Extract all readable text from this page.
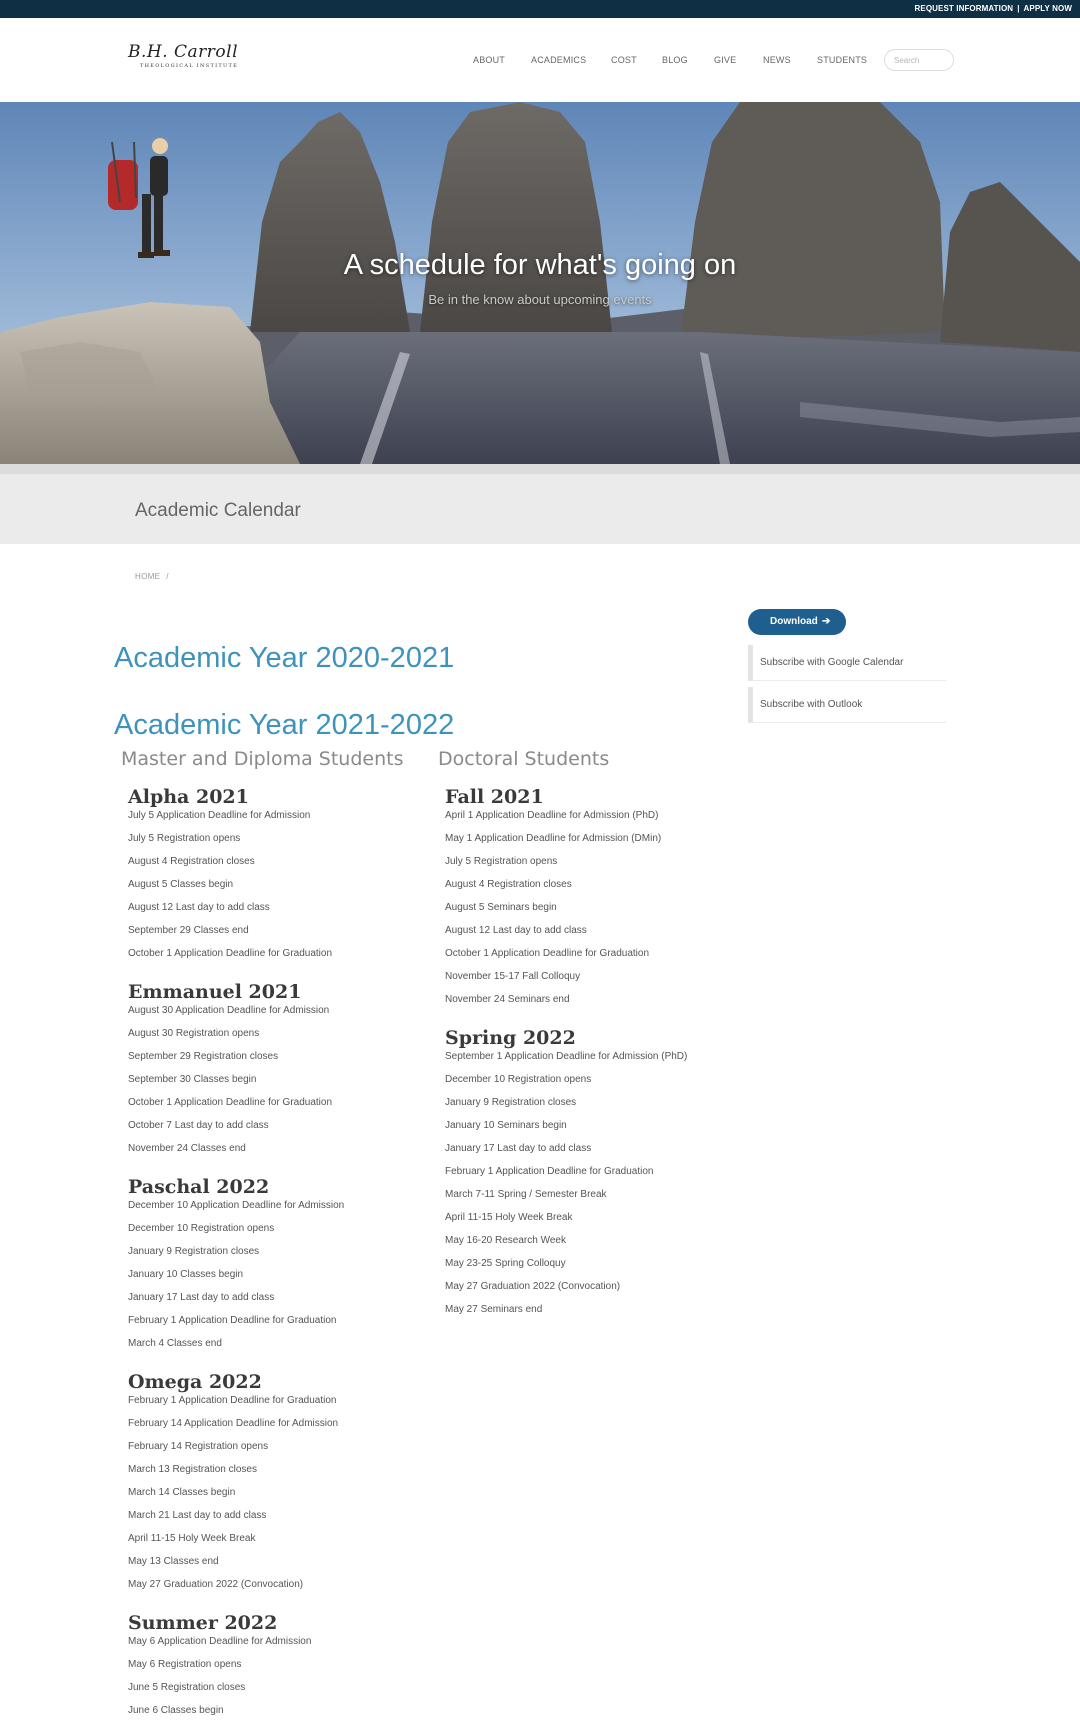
REQUEST INFORMATION | APPLY NOW
B.H. Carroll
THEOLOGICAL INSTITUTE
ABOUT	ACADEMICS	COST	BLOG	GIVE	NEWS	STUDENTS
Search
A schedule for what's going on
Be in the know about upcoming events
Academic Calendar
HOME /
Download ➔
Subscribe with Google Calendar
Subscribe with Outlook
Academic Year 2020-2021
Academic Year 2021-2022
Master and Diploma Students Doctoral Students
Alpha 2021
July 5 Application Deadline for Admission
July 5 Registration opens
August 4 Registration closes
August 5 Classes begin
August 12 Last day to add class
September 29 Classes end
October 1 Application Deadline for Graduation
Emmanuel 2021
August 30 Application Deadline for Admission
August 30 Registration opens
September 29 Registration closes
September 30 Classes begin
October 1 Application Deadline for Graduation
October 7 Last day to add class
November 24 Classes end
Paschal 2022
December 10 Application Deadline for Admission
December 10 Registration opens
January 9 Registration closes
January 10 Classes begin
January 17 Last day to add class
February 1 Application Deadline for Graduation
March 4 Classes end
Omega 2022
February 1 Application Deadline for Graduation
February 14 Application Deadline for Admission
February 14 Registration opens
March 13 Registration closes
March 14 Classes begin
March 21 Last day to add class
April 11-15 Holy Week Break
May 13 Classes end
May 27 Graduation 2022 (Convocation)
Summer 2022
May 6 Application Deadline for Admission
May 6 Registration opens
June 5 Registration closes
June 6 Classes begin
Fall 2021
April 1 Application Deadline for Admission (PhD)
May 1 Application Deadline for Admission (DMin)
July 5 Registration opens
August 4 Registration closes
August 5 Seminars begin
August 12 Last day to add class
October 1 Application Deadline for Graduation
November 15-17 Fall Colloquy
November 24 Seminars end
Spring 2022
September 1 Application Deadline for Admission (PhD)
December 10 Registration opens
January 9 Registration closes
January 10 Seminars begin
January 17 Last day to add class
February 1 Application Deadline for Graduation
March 7-11 Spring / Semester Break
April 11-15 Holy Week Break
May 16-20 Research Week
May 23-25 Spring Colloquy
May 27 Graduation 2022 (Convocation)
May 27 Seminars end
